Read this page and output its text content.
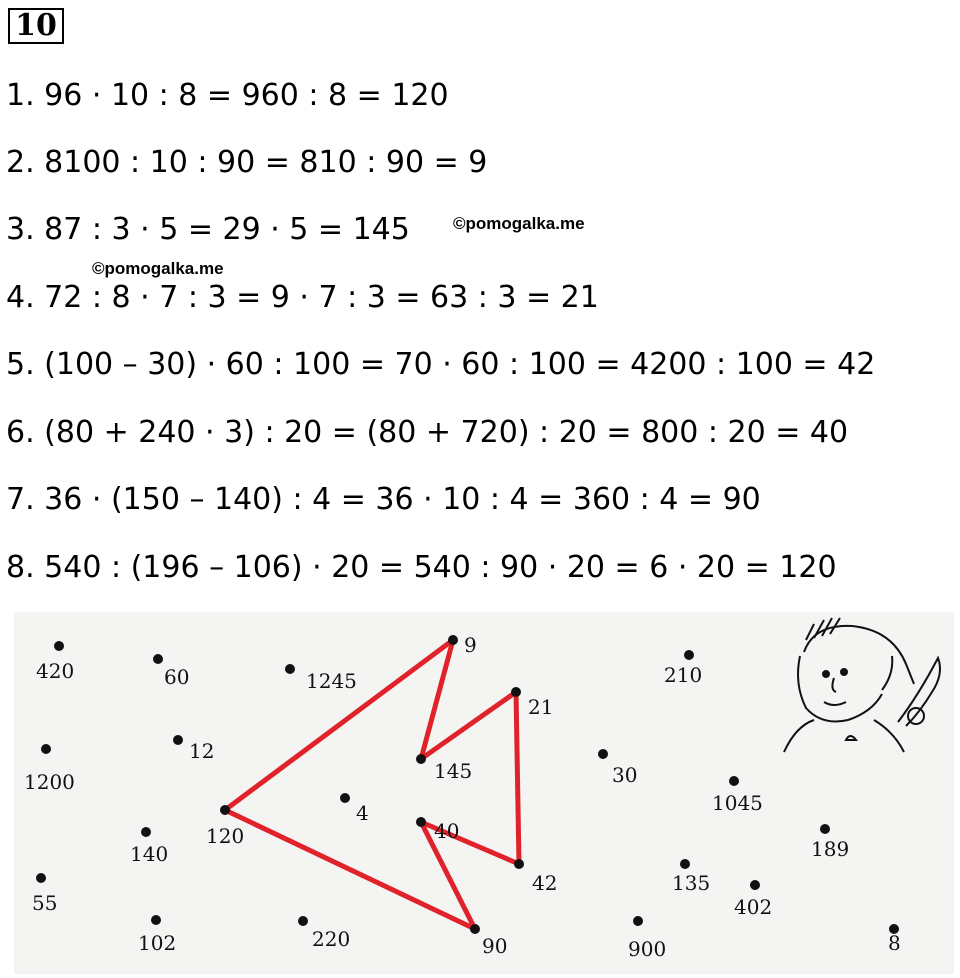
10
1. 96 · 10 : 8 = 960 : 8 = 120
2. 8100 : 10 : 90 = 810 : 90 = 9
3. 87 : 3 · 5 = 29 · 5 = 145
4. 72 : 8 · 7 : 3 = 9 · 7 : 3 = 63 : 3 = 21
5. (100 – 30) · 60 : 100 = 70 · 60 : 100 = 4200 : 100 = 42
6. (80 + 240 · 3) : 20 = (80 + 720) : 20 = 800 : 20 = 40
7. 36 · (150 – 140) : 4 = 36 · 10 : 4 = 360 : 4 = 90
8. 540 : (196 – 106) · 20 = 540 : 90 · 20 = 6 · 20 = 120
©pomogalka.me
©pomogalka.me
420	60	1245
9
210
21
12
145	30
1200
4
120
1045
140
40
189
135
42
55	402
102	220	90	900	8
